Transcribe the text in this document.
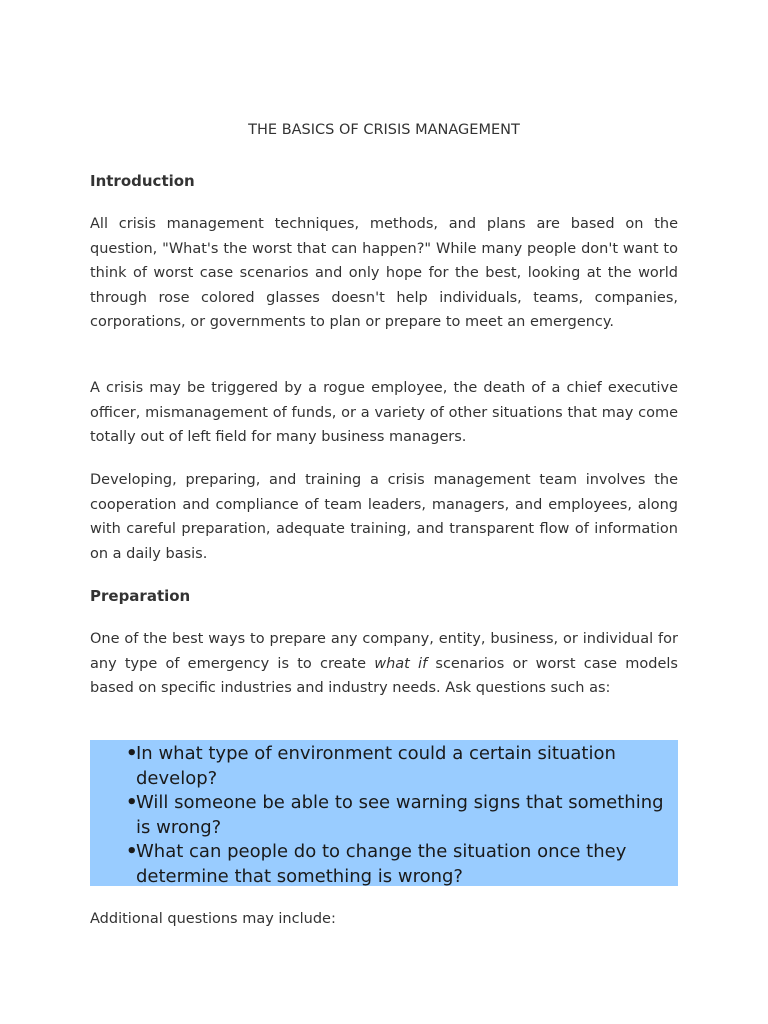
THE BASICS OF CRISIS MANAGEMENT
Introduction

All crisis management techniques, methods, and plans are based on the question, "What's the worst that can happen?" While many people don't want to think of worst case scenarios and only hope for the best, looking at the world through rose colored glasses doesn't help individuals, teams, companies, corporations, or governments to plan or prepare to meet an emergency.

A crisis may be triggered by a rogue employee, the death of a chief executive officer, mismanagement of funds, or a variety of other situations that may come totally out of left field for many business managers.

Developing, preparing, and training a crisis management team involves the cooperation and compliance of team leaders, managers, and employees, along with careful preparation, adequate training, and transparent flow of information on a daily basis.

Preparation

One of the best ways to prepare any company, entity, business, or individual for any type of emergency is to create what if scenarios or worst case models based on specific industries and industry needs. Ask questions such as:

•In what type of environment could a certain situation develop?
•Will someone be able to see warning signs that something is wrong?
•What can people do to change the situation once they determine that something is wrong?

Additional questions may include:
